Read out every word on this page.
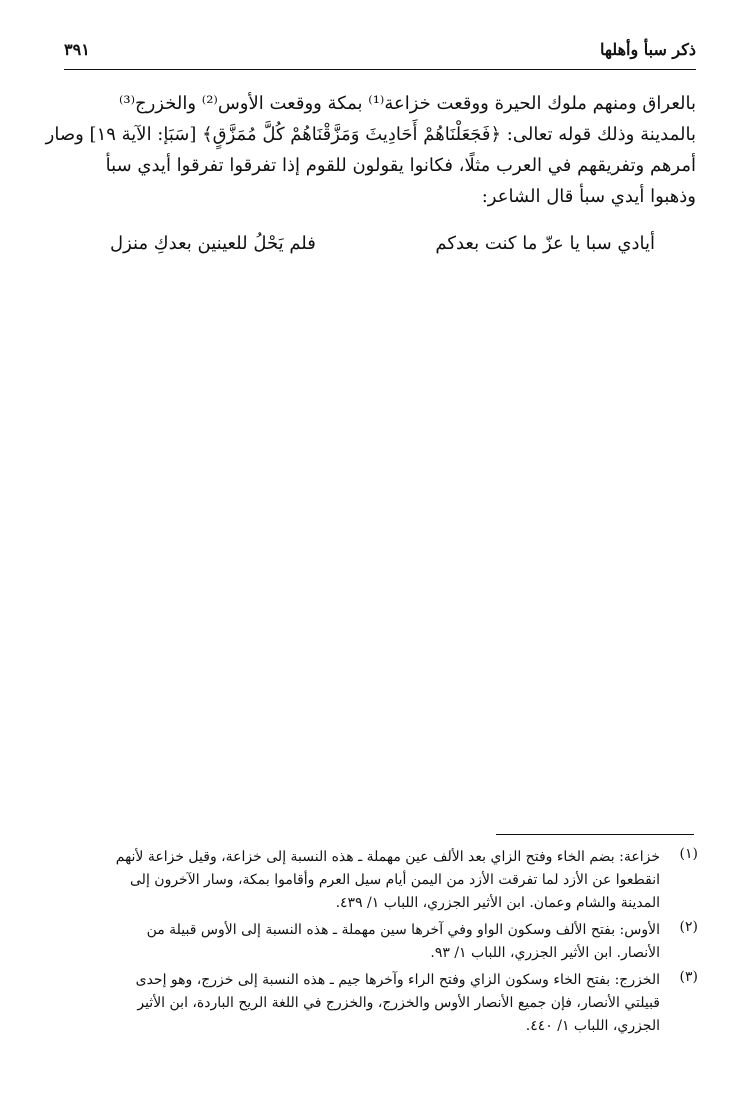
ذكر سبأ وأهلها
٣٩١
بالعراق ومنهم ملوك الحيرة ووقعت خزاعة⁽¹⁾ بمكة ووقعت الأوس⁽²⁾ والخزرج⁽³⁾
بالمدينة وذلك قوله تعالى: ﴿فَجَعَلْنَاهُمْ أَحَادِيثَ وَمَزَّقْنَاهُمْ كُلَّ مُمَزَّقٍ﴾ [سَبَإ: الآية ١٩] وصار
أمرهم وتفريقهم في العرب مثلًا، فكانوا يقولون للقوم إذا تفرقوا تفرقوا أيدي سبأ
وذهبوا أيدي سبأ قال الشاعر:
أيادي سبا يا عزّ ما كنت بعدكم
فلم يَحْلُ للعينين بعدكِ منزل
(١)
خزاعة: بضم الخاء وفتح الزاي بعد الألف عين مهملة ـ هذه النسبة إلى خزاعة، وقيل خزاعة لأنهم
انقطعوا عن الأزد لما تفرقت الأزد من اليمن أيام سيل العرم وأقاموا بمكة، وسار الآخرون إلى
المدينة والشام وعمان. ابن الأثير الجزري، اللباب ١/ ٤٣٩.
(٢)
الأوس: بفتح الألف وسكون الواو وفي آخرها سين مهملة ـ هذه النسبة إلى الأوس قبيلة من
الأنصار. ابن الأثير الجزري، اللباب ١/ ٩٣.
(٣)
الخزرج: بفتح الخاء وسكون الزاي وفتح الراء وآخرها جيم ـ هذه النسبة إلى خزرج، وهو إحدى
قبيلتي الأنصار، فإن جميع الأنصار الأوس والخزرج، والخزرج في اللغة الريح الباردة، ابن الأثير
الجزري، اللباب ١/ ٤٤٠.
